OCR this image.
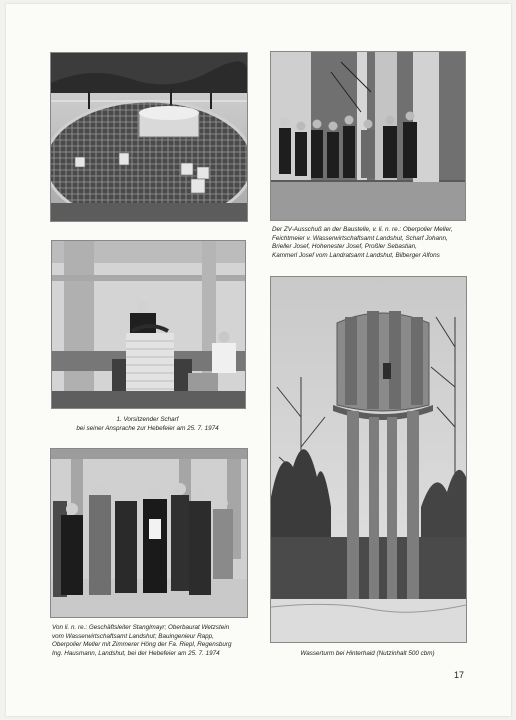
Der ZV-Ausschuß an der Baustelle, v. li. n. re.: Oberpolier Meller,
Feichtmeier v. Wasserwirtschaftsamt Landshut, Scharf Johann,
Brieller Josef, Hohenester Josef, Proßler Sebastian,
Kammerl Josef vom Landratsamt Landshut, Bilberger Alfons
1. Vorsitzender Scharf
bei seiner Ansprache zur Hebefeier am 25. 7. 1974
Von li. n. re.: Geschäftsleiter Stanglmayr; Oberbaurat Wetzstein
vom Wasserwirtschaftsamt Landshut; Bauingenieur Rapp,
Oberpolier Meller mit Zimmerer Höng der Fa. Riepl, Regensburg
Ing. Hausmann, Landshut, bei der Hebefeier am 25. 7. 1974	Wasserturm bei Hinterhaid (Nutzinhalt 500 cbm)
17
